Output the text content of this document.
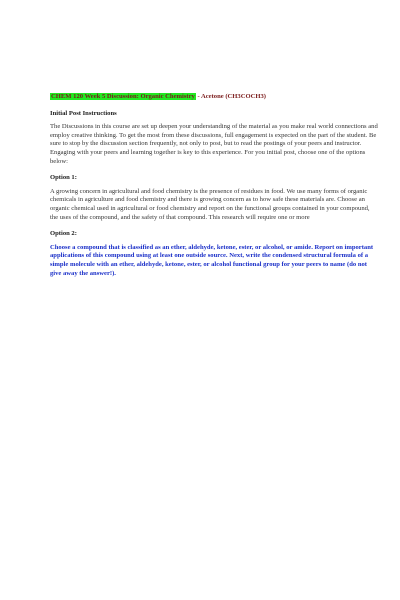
CHEM 120 Week 5 Discussion: Organic Chemistry - Acetone (CH3COCH3)

Initial Post Instructions

The Discussions in this course are set up deepen your understanding of the material as you make real world connections and employ creative thinking. To get the most from these discussions, full engagement is expected on the part of the student. Be sure to stop by the discussion section frequently, not only to post, but to read the postings of your peers and instructor. Engaging with your peers and learning together is key to this experience. For you initial post, choose one of the options below:

Option 1:

A growing concern in agricultural and food chemistry is the presence of residues in food. We use many forms of organic chemicals in agriculture and food chemistry and there is growing concern as to how safe these materials are. Choose an organic chemical used in agricultural or food chemistry and report on the functional groups contained in your compound, the uses of the compound, and the safety of that compound. This research will require one or more

Option 2:

Choose a compound that is classified as an ether, aldehyde, ketone, ester, or alcohol, or amide. Report on important applications of this compound using at least one outside source. Next, write the condensed structural formula of a simple molecule with an ether, aldehyde, ketone, ester, or alcohol functional group for your peers to name (do not give away the answer!).
